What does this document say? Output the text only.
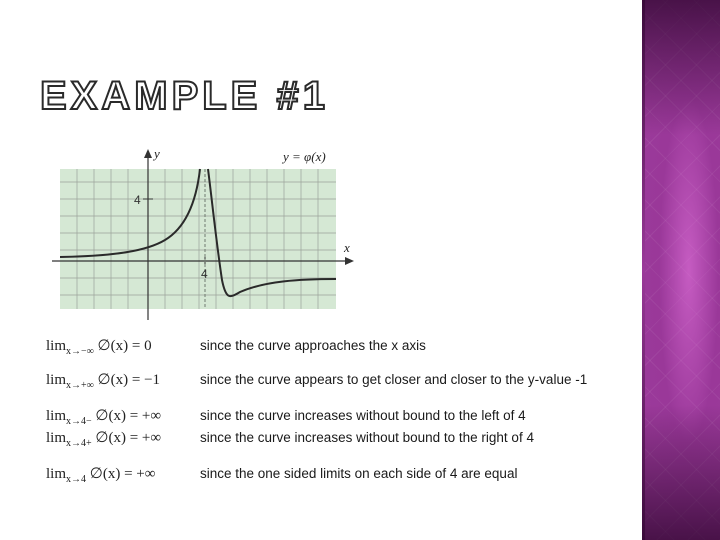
EXAMPLE #1
y
x
4
4
y = φ(x)
$\lim_{x\to-\infty}$ ∅(x) = 0	since the curve approaches the x axis
$\lim_{x\to+\infty}$ ∅(x) = −1	since the curve appears to get closer and closer to the y-value -1
$\lim_{x\to 4-}$ ∅(x) = +∞	since the curve increases without bound to the left of 4
$\lim_{x\to 4+}$ ∅(x) = +∞	since the curve increases without bound to the right of 4
$\lim_{x\to 4}$ ∅(x) = +∞	since the one sided limits on each side of 4 are equal
